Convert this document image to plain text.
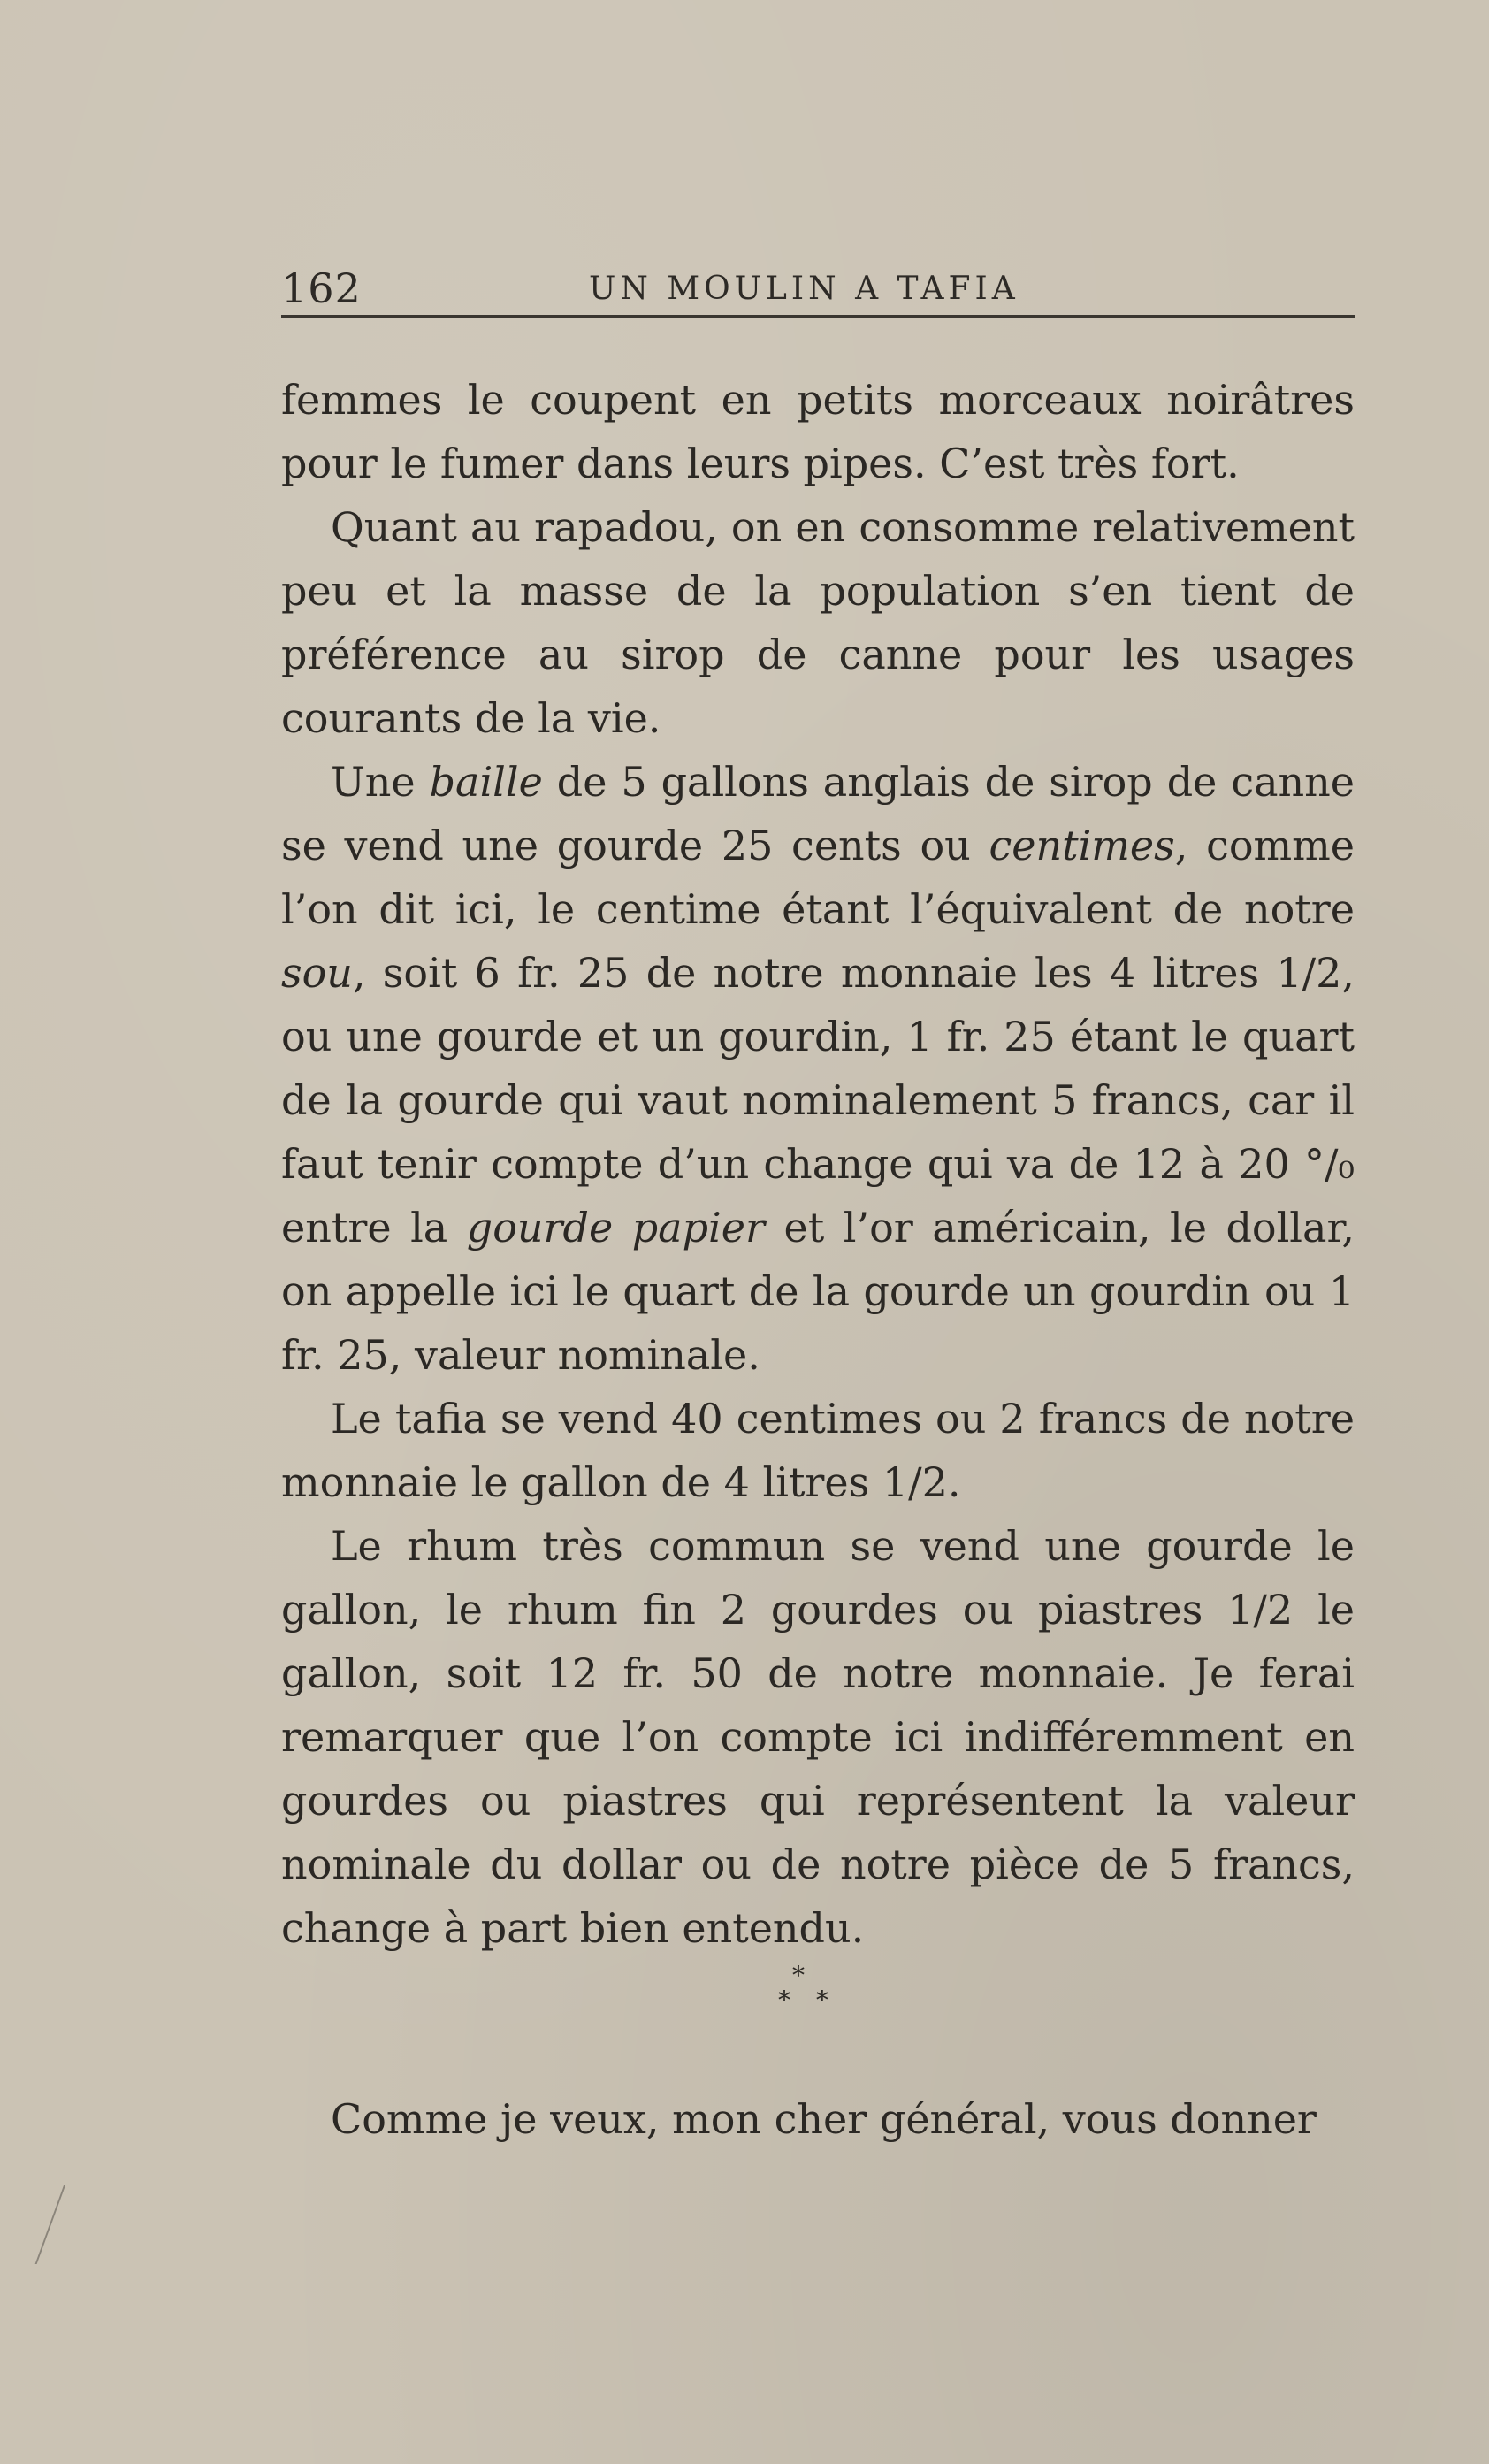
162	UN MOULIN A TAFIA

femmes le coupent en petits morceaux noirâtres

pour le fumer dans leurs pipes. C’est très fort.

Quant au rapadou, on en consomme relativement peu et la masse de la population s’en tient de préférence au sirop de canne pour les usages courants de la vie.

Une baille de 5 gallons anglais de sirop de canne se vend une gourde 25 cents ou centimes, comme l’on dit ici, le centime étant l’équivalent de notre sou, soit 6 fr. 25 de notre monnaie les 4 litres 1/2, ou une gourde et un gourdin, 1 fr. 25 étant le quart de la gourde qui vaut nominalement 5 francs, car il faut tenir compte d’un change qui va de 12 à 20 °/₀ entre la gourde papier et l’or américain, le dollar, on appelle ici le quart de la gourde un gourdin ou 1 fr. 25, valeur nominale.

Le tafia se vend 40 centimes ou 2 francs de notre monnaie le gallon de 4 litres 1/2.

Le rhum très commun se vend une gourde le gallon, le rhum fin 2 gourdes ou piastres 1/2 le gallon, soit 12 fr. 50 de notre monnaie. Je ferai remarquer que l’on compte ici indifféremment en gourdes ou piastres qui représentent la valeur nominale du dollar ou de notre pièce de 5 francs, change à part bien entendu.

*
* *
Comme je veux, mon cher général, vous donner
